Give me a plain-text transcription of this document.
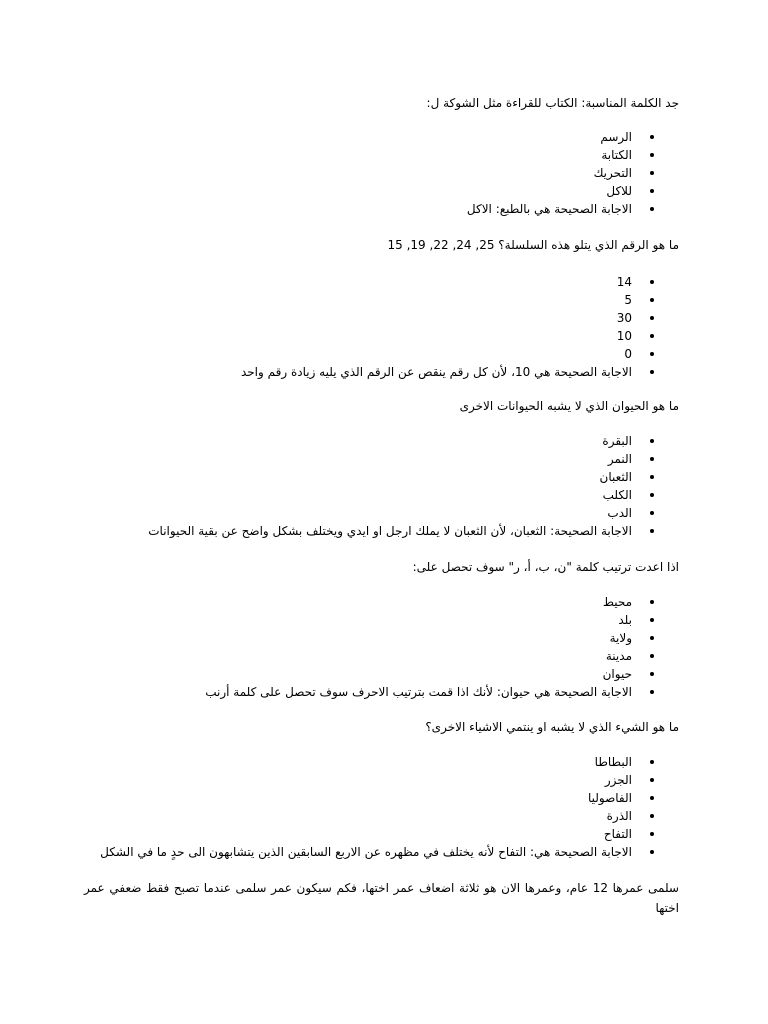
جد الكلمة المناسبة: الكتاب للقراءة مثل الشوكة ل:

الرسم
الكتابة
التحريك
للاكل
الاجابة الصحيحة هي بالطبع: الاكل

ما هو الرقم الذي يتلو هذه السلسلة؟ 25, 24, 22, 19, 15

14
5
30
10
0
الاجابة الصحيحة هي 10، لأن كل رقم ينقص عن الرقم الذي يليه زيادة رقم واحد

ما هو الحيوان الذي لا يشبه الحيوانات الاخرى

البقرة
النمر
الثعبان
الكلب
الدب
الاجابة الصحيحة: الثعبان، لأن الثعبان لا يملك ارجل او ايدي ويختلف بشكل واضح عن بقية الحيوانات

اذا اعدت ترتيب كلمة "ن، ب، أ، ر" سوف تحصل على:

محيط
بلد
ولاية
مدينة
حيوان
الاجابة الصحيحة هي حيوان: لأنك اذا قمت بترتيب الاحرف سوف تحصل على كلمة أرنب

ما هو الشيء الذي لا يشبه او ينتمي الاشياء الاخرى؟

البطاطا
الجزر
الفاصوليا
الذرة
التفاح
الاجابة الصحيحة هي: التفاح لأنه يختلف في مظهره عن الاربع السابقين الذين يتشابهون الى حدٍ ما في الشكل

سلمى عمرها 12 عام، وعمرها الان هو ثلاثة اضعاف عمر اختها، فكم سيكون عمر سلمى عندما تصبح فقط ضعفي عمر اختها
